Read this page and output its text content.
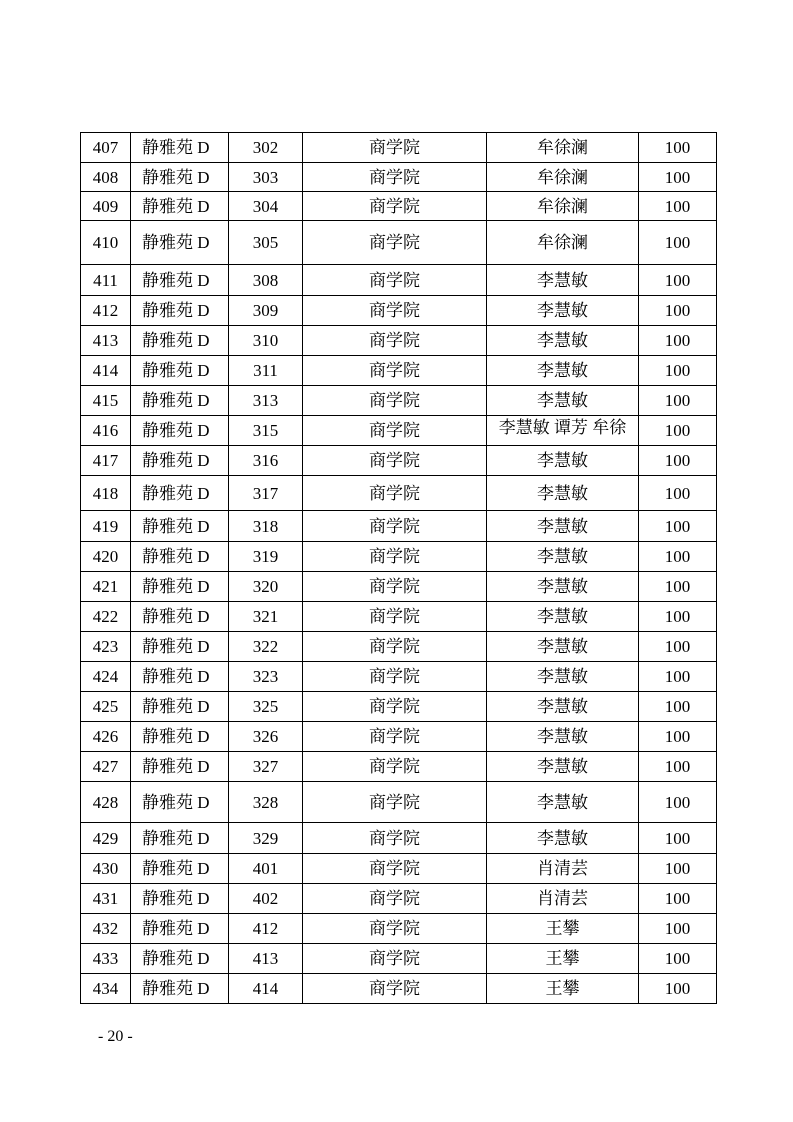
407	静雅苑 D	302	商学院	牟徐澜	100
408	静雅苑 D	303	商学院	牟徐澜	100
409	静雅苑 D	304	商学院	牟徐澜	100
410	静雅苑 D	305	商学院	牟徐澜	100
411	静雅苑 D	308	商学院	李慧敏	100
412	静雅苑 D	309	商学院	李慧敏	100
413	静雅苑 D	310	商学院	李慧敏	100
414	静雅苑 D	311	商学院	李慧敏	100
415	静雅苑 D	313	商学院	李慧敏	100
416	静雅苑 D	315	商学院	李慧敏 谭芳 牟徐	100
417	静雅苑 D	316	商学院	李慧敏	100
418	静雅苑 D	317	商学院	李慧敏	100
419	静雅苑 D	318	商学院	李慧敏	100
420	静雅苑 D	319	商学院	李慧敏	100
421	静雅苑 D	320	商学院	李慧敏	100
422	静雅苑 D	321	商学院	李慧敏	100
423	静雅苑 D	322	商学院	李慧敏	100
424	静雅苑 D	323	商学院	李慧敏	100
425	静雅苑 D	325	商学院	李慧敏	100
426	静雅苑 D	326	商学院	李慧敏	100
427	静雅苑 D	327	商学院	李慧敏	100
428	静雅苑 D	328	商学院	李慧敏	100
429	静雅苑 D	329	商学院	李慧敏	100
430	静雅苑 D	401	商学院	肖清芸	100
431	静雅苑 D	402	商学院	肖清芸	100
432	静雅苑 D	412	商学院	王攀	100
433	静雅苑 D	413	商学院	王攀	100
434	静雅苑 D	414	商学院	王攀	100
- 20 -
